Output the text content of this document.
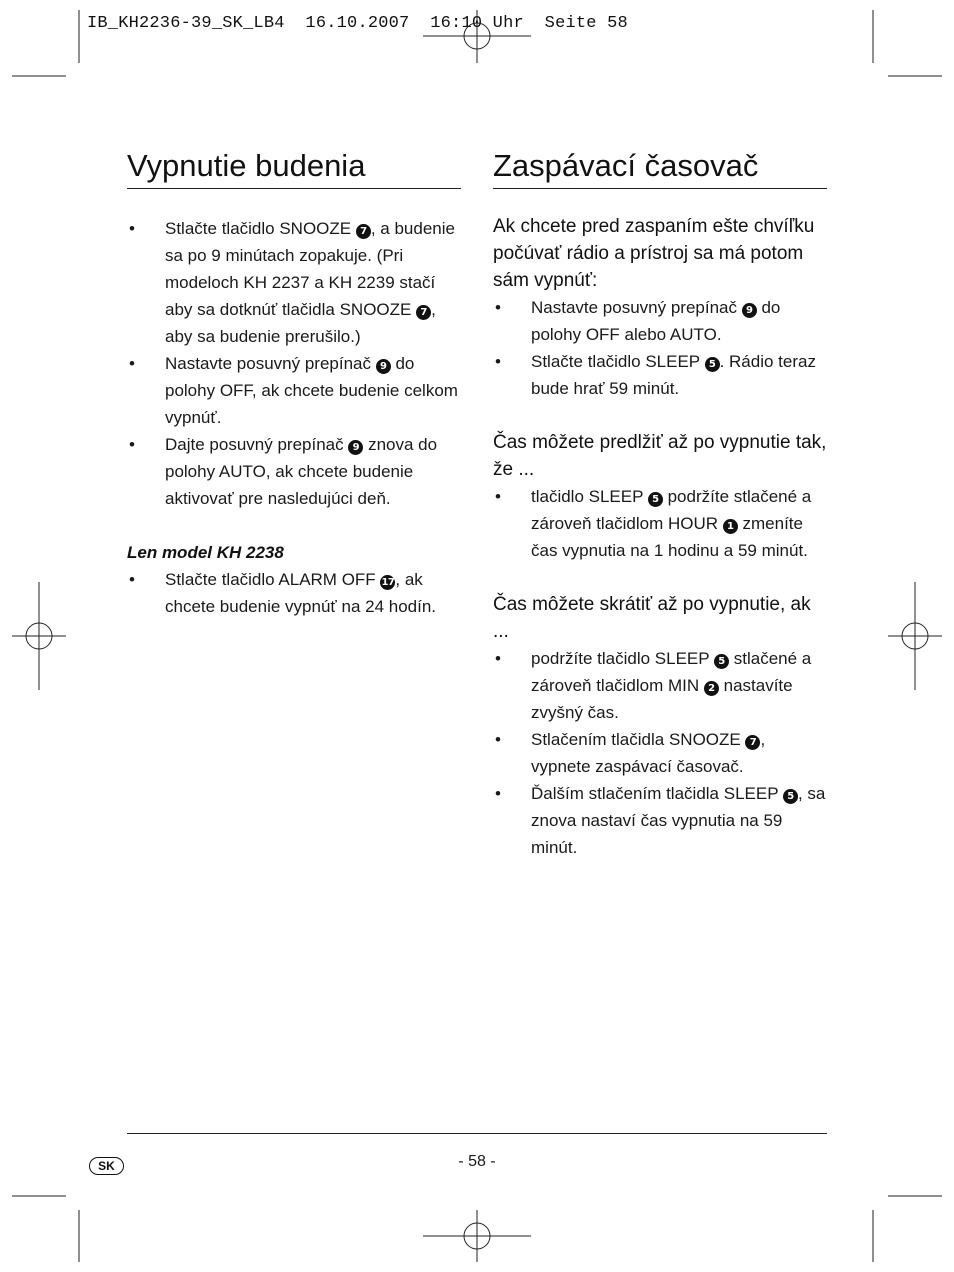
IB_KH2236-39_SK_LB4  16.10.2007  16:10 Uhr  Seite 58
Vypnutie budenia
• Stlačte tlačidlo SNOOZE 7 , a budenie sa po 9 minútach zopakuje. (Pri modeloch KH 2237 a KH 2239 stačí aby sa dotknúť tlačidla SNOOZE 7 , aby sa budenie prerušilo.)
• Nastavte posuvný prepínač 9 do polohy OFF, ak chcete budenie celkom vypnúť.
• Dajte posuvný prepínač 9 znova do polohy AUTO, ak chcete budenie aktivovať pre nasledujúci deň.
Len model KH 2238
• Stlačte tlačidlo ALARM OFF 17, ak chcete budenie vypnúť na 24 hodín.
Zaspávací časovač

Ak chcete pred zaspaním ešte chvíľku počúvať rádio a prístroj sa má potom sám vypnúť:

• Nastavte posuvný prepínač 9 do polohy OFF alebo AUTO.
• Stlačte tlačidlo SLEEP 5 . Rádio teraz bude hrať 59 minút.

Čas môžete predlžiť až po vypnutie tak, že ...

• tlačidlo SLEEP 5 podržíte stlačené a zároveň tlačidlom HOUR 1 zmeníte čas vypnutia na 1 hodinu a 59 minút.

Čas môžete skrátiť až po vypnutie, ak ...

• podržíte tlačidlo SLEEP 5 stlačené a zároveň tlačidlom MIN 2 nastavíte zvyšný čas.
• Stlačením tlačidla SNOOZE 7 , vypnete zaspávací časovač.
• Ďalším stlačením tlačidla SLEEP 5 , sa znova nastaví čas vypnutia na 59 minút.
SK	- 58 -
